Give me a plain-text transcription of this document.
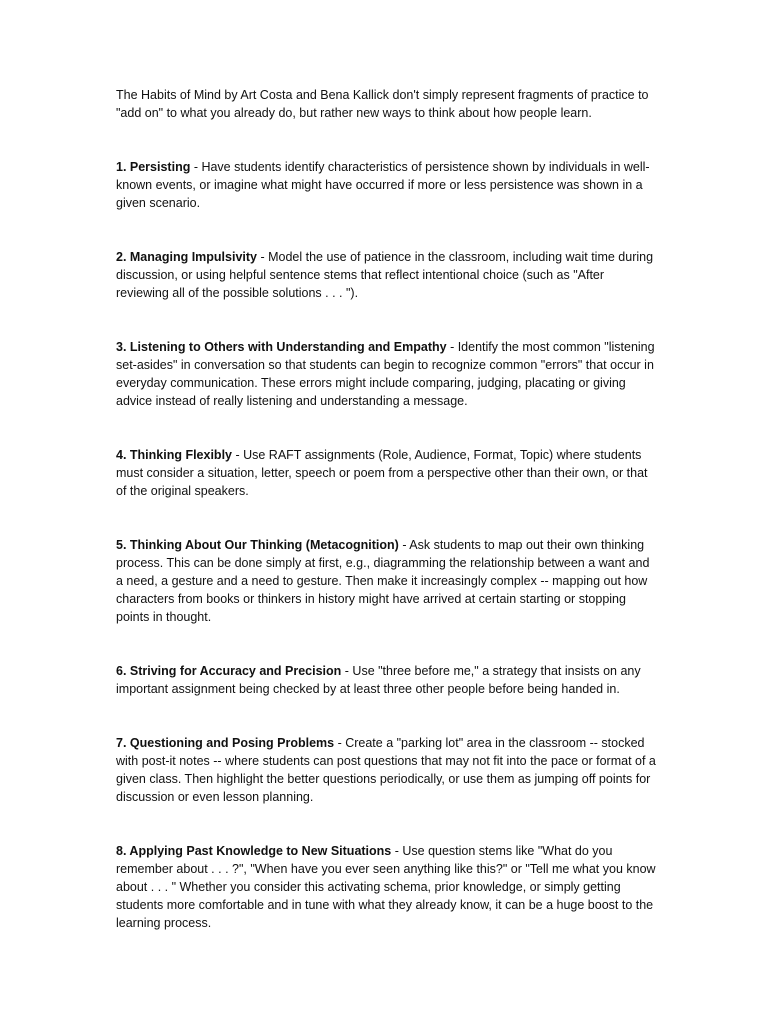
The Habits of Mind by Art Costa and Bena Kallick don't simply represent fragments of practice to "add on" to what you already do, but rather new ways to think about how people learn.

1. Persisting - Have students identify characteristics of persistence shown by individuals in well-known events, or imagine what might have occurred if more or less persistence was shown in a given scenario.

2. Managing Impulsivity - Model the use of patience in the classroom, including wait time during discussion, or using helpful sentence stems that reflect intentional choice (such as "After reviewing all of the possible solutions . . . ").

3. Listening to Others with Understanding and Empathy - Identify the most common "listening set-asides" in conversation so that students can begin to recognize common "errors" that occur in everyday communication. These errors might include comparing, judging, placating or giving advice instead of really listening and understanding a message.

4. Thinking Flexibly - Use RAFT assignments (Role, Audience, Format, Topic) where students must consider a situation, letter, speech or poem from a perspective other than their own, or that of the original speakers.

5. Thinking About Our Thinking (Metacognition) - Ask students to map out their own thinking process. This can be done simply at first, e.g., diagramming the relationship between a want and a need, a gesture and a need to gesture. Then make it increasingly complex -- mapping out how characters from books or thinkers in history might have arrived at certain starting or stopping points in thought.

6. Striving for Accuracy and Precision - Use "three before me," a strategy that insists on any important assignment being checked by at least three other people before being handed in.

7. Questioning and Posing Problems - Create a "parking lot" area in the classroom -- stocked with post-it notes -- where students can post questions that may not fit into the pace or format of a given class. Then highlight the better questions periodically, or use them as jumping off points for discussion or even lesson planning.

8. Applying Past Knowledge to New Situations - Use question stems like "What do you remember about . . . ?", "When have you ever seen anything like this?" or "Tell me what you know about . . . " Whether you consider this activating schema, prior knowledge, or simply getting students more comfortable and in tune with what they already know, it can be a huge boost to the learning process.
